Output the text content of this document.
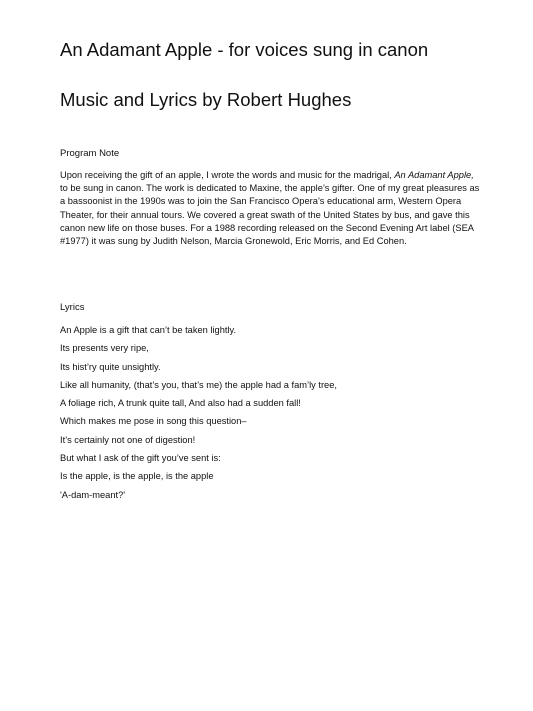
An Adamant Apple - for voices sung in canon
Music and Lyrics by Robert Hughes
Program Note

Upon receiving the gift of an apple, I wrote the words and music for the madrigal, An Adamant Apple, to be sung in canon. The work is dedicated to Maxine, the apple’s gifter. One of my great pleasures as a bassoonist in the 1990s was to join the San Francisco Opera’s educational arm, Western Opera Theater, for their annual tours. We covered a great swath of the United States by bus, and gave this canon new life on those buses. For a 1988 recording released on the Second Evening Art label (SEA #1977) it was sung by Judith Nelson, Marcia Gronewold, Eric Morris, and Ed Cohen.

Lyrics
An Apple is a gift that can’t be taken lightly.
Its presents very ripe,
Its hist’ry quite unsightly.
Like all humanity, (that’s you, that’s me) the apple had a fam’ly tree,
A foliage rich, A trunk quite tall, And also had a sudden fall!
Which makes me pose in song this question–
It’s certainly not one of digestion!
But what I ask of the gift you’ve sent is:
Is the apple, is the apple, is the apple
'A-dam-meant?'
